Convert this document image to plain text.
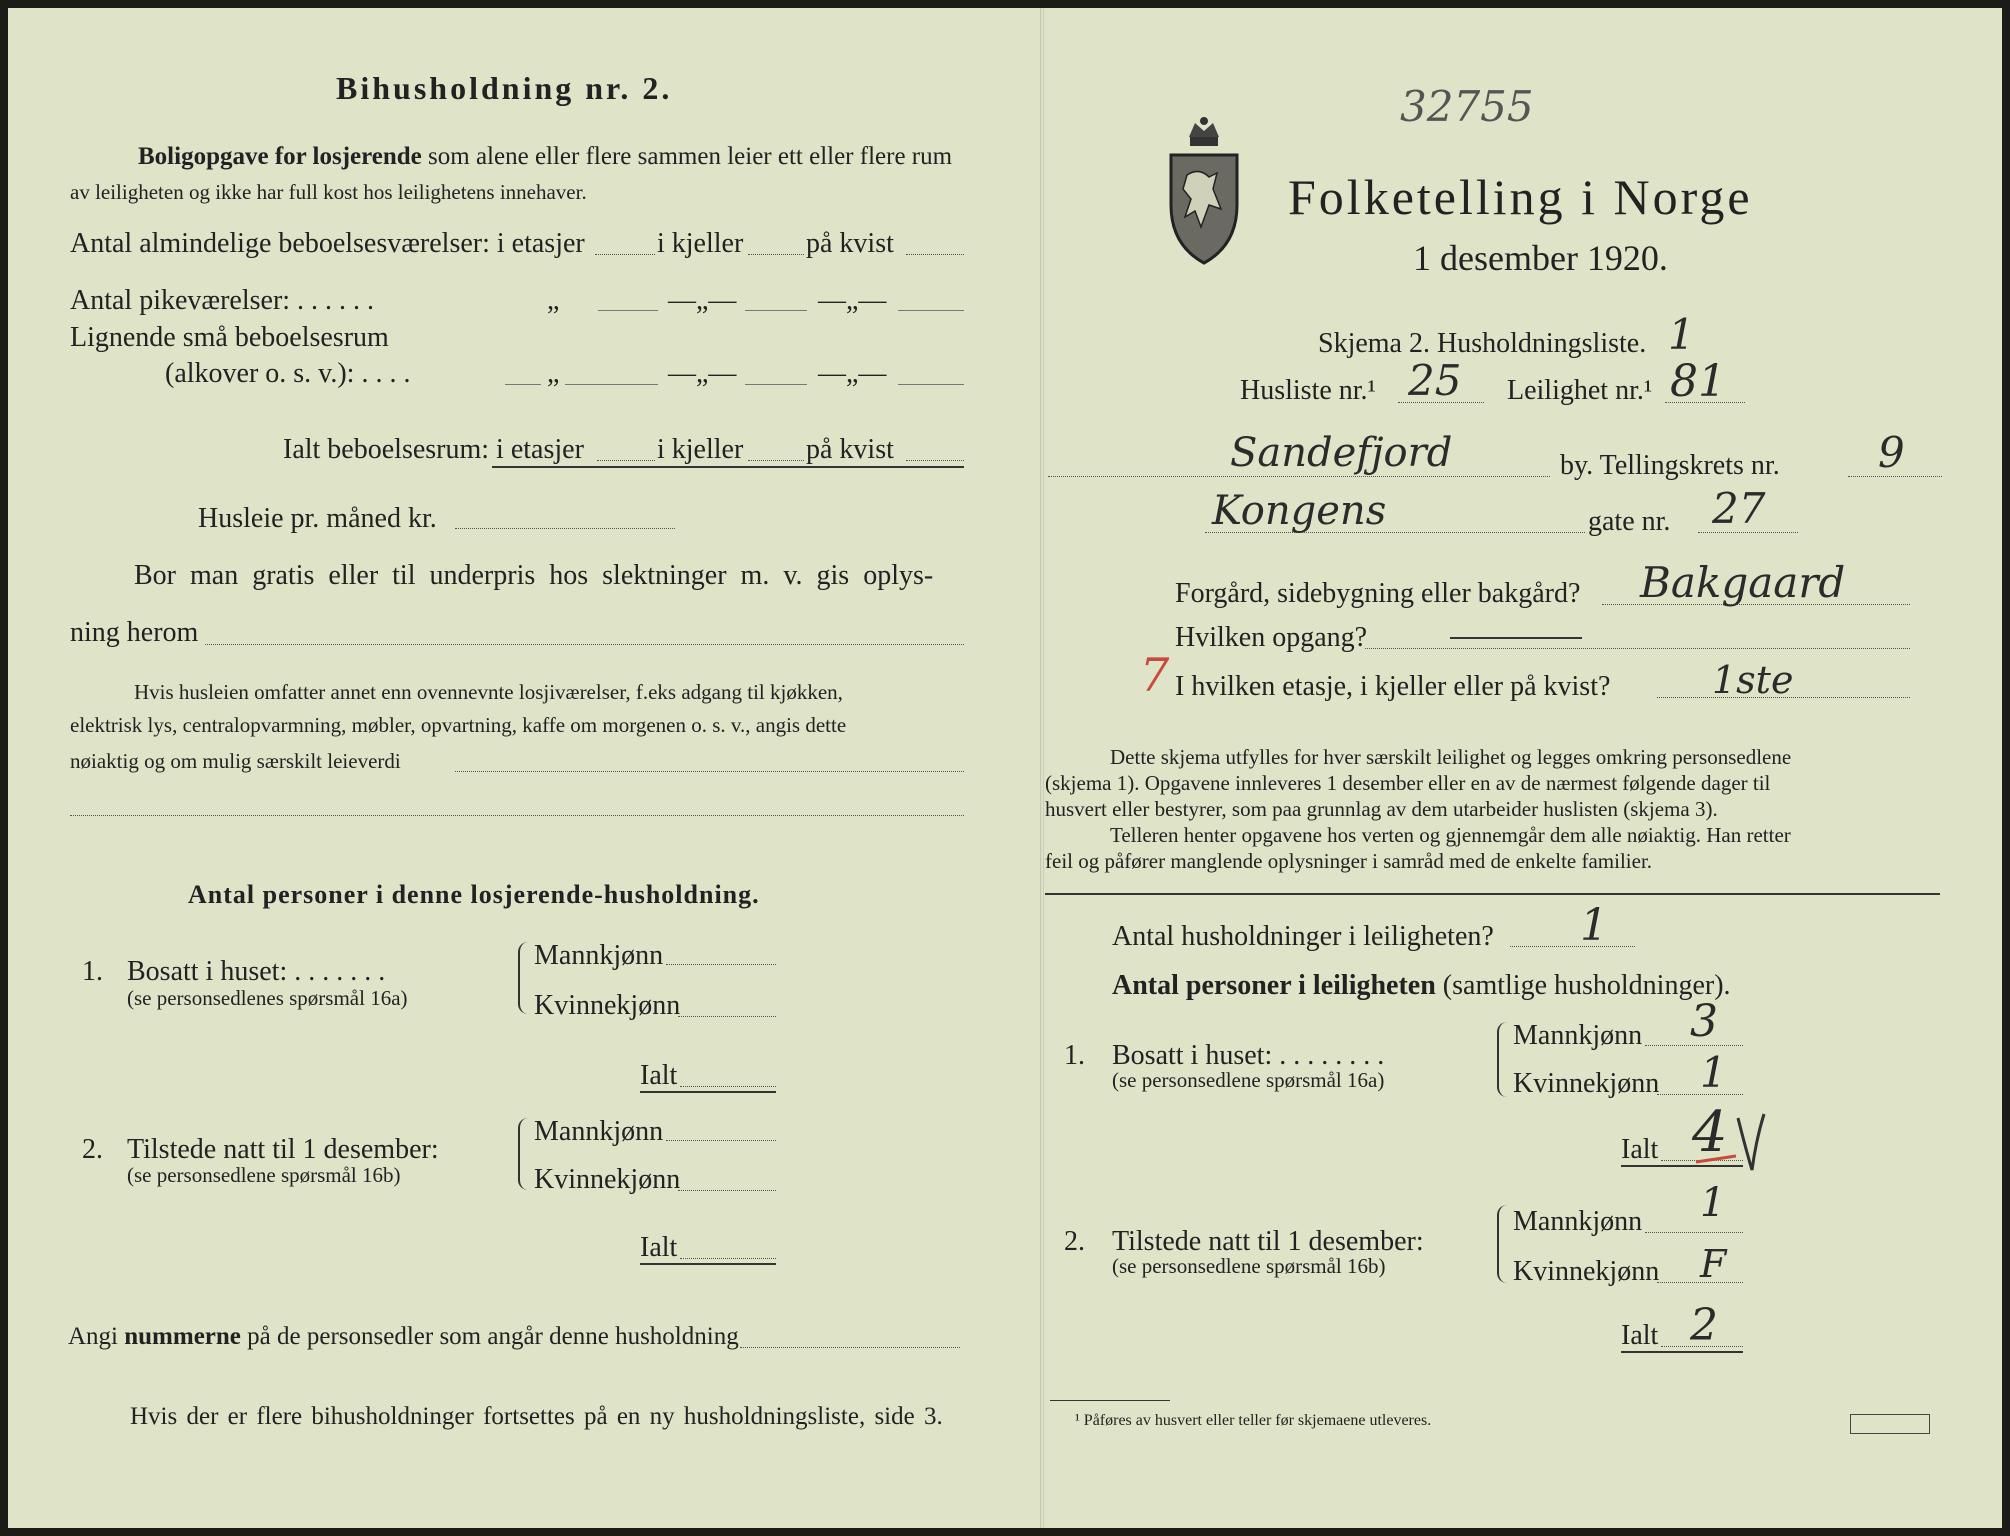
Bihusholdning nr. 2.
Boligopgave for losjerende som alene eller flere sammen leier ett eller flere rum
av leiligheten og ikke har full kost hos leilighetens innehaver.
Antal almindelige beboelsesværelser: i etasjer	i kjeller på kvist
Antal pikeværelser: . . . . . .	„	—„—	—„—
Lignende små beboelsesrum
(alkover o. s. v.): . . . .	„	—„—	—„—
Ialt beboelsesrum: i etasjer	i kjeller på kvist
Husleie pr. måned kr.
Bor man gratis eller til underpris hos slektninger m. v. gis oplys-
ning herom
Hvis husleien omfatter annet enn ovennevnte losjiværelser, f.eks adgang til kjøkken,
elektrisk lys, centralopvarmning, møbler, opvartning, kaffe om morgenen o. s. v., angis dette
nøiaktig og om mulig særskilt leieverdi
Antal personer i denne losjerende-husholdning.
1. Bosatt i huset: . . . . . . .
(se personsedlenes spørsmål 16a)
Mannkjønn
Kvinnekjønn
Ialt
2. Tilstede natt til 1 desember:
(se personsedlene spørsmål 16b)
Mannkjønn
Kvinnekjønn
Ialt
Angi nummerne på de personsedler som angår denne husholdning
Hvis der er flere bihusholdninger fortsettes på en ny husholdningsliste, side 3.
32755
Folketelling i Norge
1 desember 1920.
Skjema 2. Husholdningsliste. 1
Husliste nr.¹ 25 Leilighet nr.¹ 81
Sandefjord	by. Tellingskrets nr. 9
Kongens	gate nr. 27
Forgård, sidebygning eller bakgård? Bakgaard
Hvilken opgang?
7 I hvilken etasje, i kjeller eller på kvist?	1ste
Dette skjema utfylles for hver særskilt leilighet og legges omkring personsedlene
(skjema 1). Opgavene innleveres 1 desember eller en av de nærmest følgende dager til
husvert eller bestyrer, som paa grunnlag av dem utarbeider huslisten (skjema 3).
Telleren henter opgavene hos verten og gjennemgår dem alle nøiaktig. Han retter
feil og påfører manglende oplysninger i samråd med de enkelte familier.
Antal husholdninger i leiligheten? 1
Antal personer i leiligheten (samtlige husholdninger).
1. Bosatt i huset: . . . . . . . .
(se personsedlene spørsmål 16a)
Mannkjønn 3
Kvinnekjønn 1
Ialt 4
2. Tilstede natt til 1 desember:
(se personsedlene spørsmål 16b)
Mannkjønn 1
Kvinnekjønn F
Ialt 2
¹ Påføres av husvert eller teller før skjemaene utleveres.
